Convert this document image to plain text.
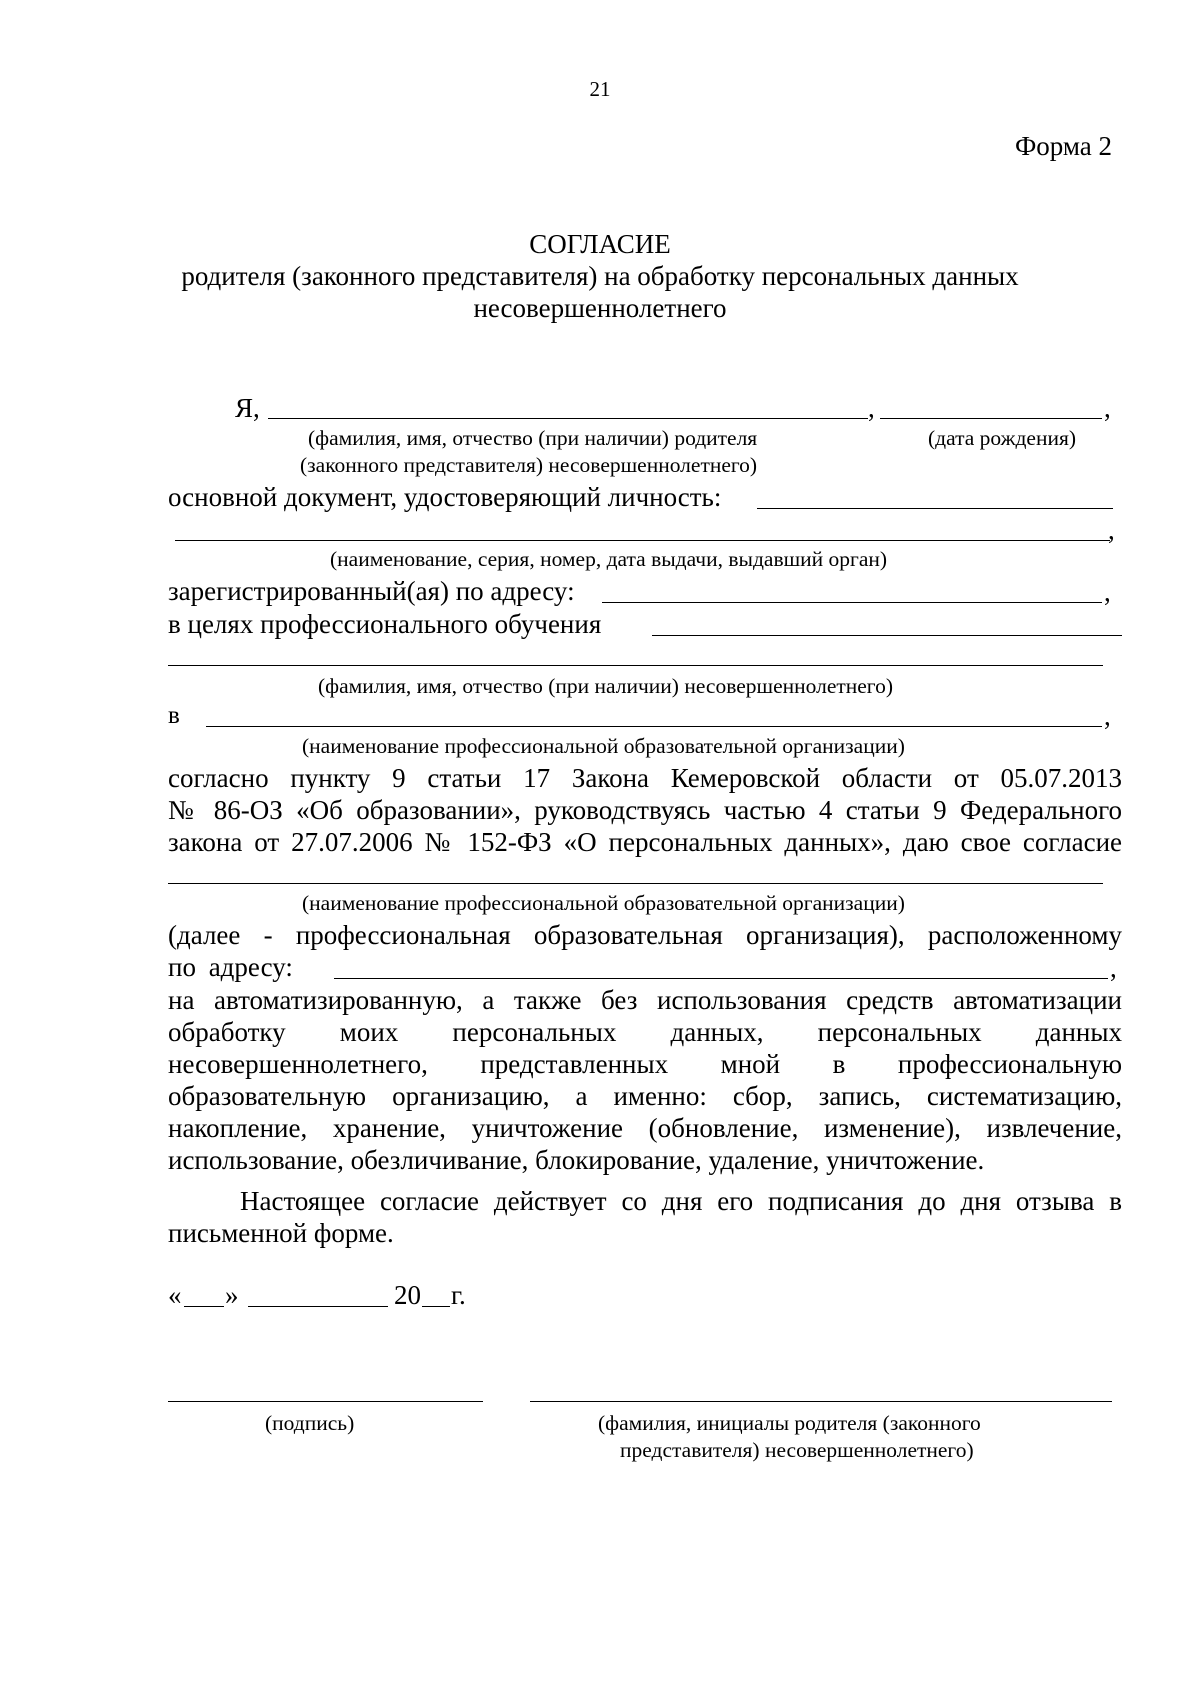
21
Форма 2
СОГЛАСИЕ
родителя (законного представителя) на обработку персональных данных
несовершеннолетнего
Я,	,	,
(фамилия, имя, отчество (при наличии) родителя	(дата рождения)
(законного представителя) несовершеннолетнего)
основной документ, удостоверяющий личность:
,
(наименование, серия, номер, дата выдачи, выдавший орган)
зарегистрированный(ая) по адресу:	,
в целях профессионального обучения
(фамилия, имя, отчество (при наличии) несовершеннолетнего)
в	,
(наименование профессиональной образовательной организации)
согласно пункту 9 статьи 17 Закона Кемеровской области от 05.07.2013
№ 86-ОЗ «Об образовании», руководствуясь частью 4 статьи 9 Федерального
закона от 27.07.2006 № 152-ФЗ «О персональных данных», даю свое согласие
(наименование профессиональной образовательной организации)
(далее - профессиональная образовательная организация), расположенному
по адресу:	,
на автоматизированную, а также без использования средств автоматизации
обработку моих персональных данных, персональных данных
несовершеннолетнего, представленных мной в профессиональную
образовательную организацию, а именно: сбор, запись, систематизацию,
накопление, хранение, уничтожение (обновление, изменение), извлечение,
использование, обезличивание, блокирование, удаление, уничтожение.
Настоящее согласие действует со дня его подписания до дня отзыва в
письменной форме.
« »	20 г.
(подпись)	(фамилия, инициалы родителя (законного
представителя) несовершеннолетнего)
